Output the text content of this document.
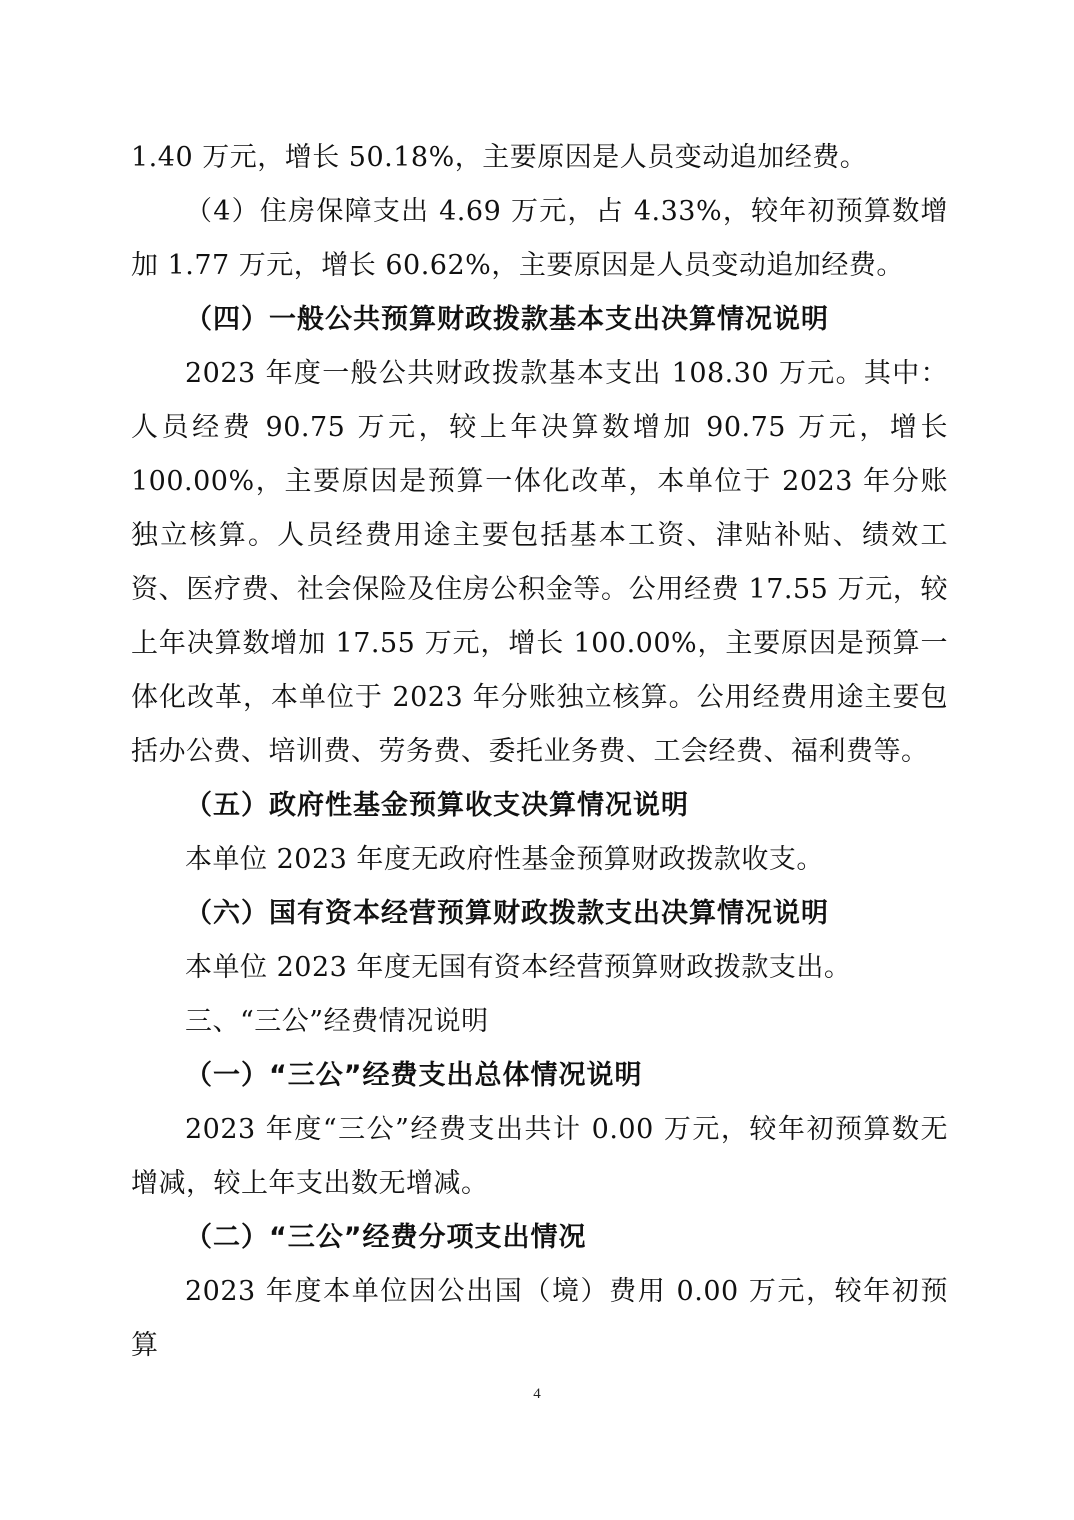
1.40 万元，增长 50.18%，主要原因是人员变动追加经费。

（4）住房保障支出 4.69 万元，占 4.33%，较年初预算数增加 1.77 万元，增长 60.62%，主要原因是人员变动追加经费。

（四）一般公共预算财政拨款基本支出决算情况说明

2023 年度一般公共财政拨款基本支出 108.30 万元。其中：人员经费 90.75 万元，较上年决算数增加 90.75 万元，增长 100.00%，主要原因是预算一体化改革，本单位于 2023 年分账独立核算。人员经费用途主要包括基本工资、津贴补贴、绩效工资、医疗费、社会保险及住房公积金等。公用经费 17.55 万元，较上年决算数增加 17.55 万元，增长 100.00%，主要原因是预算一体化改革，本单位于 2023 年分账独立核算。公用经费用途主要包括办公费、培训费、劳务费、委托业务费、工会经费、福利费等。

（五）政府性基金预算收支决算情况说明

本单位 2023 年度无政府性基金预算财政拨款收支。

（六）国有资本经营预算财政拨款支出决算情况说明

本单位 2023 年度无国有资本经营预算财政拨款支出。

三、“三公”经费情况说明

（一）“三公”经费支出总体情况说明

2023 年度“三公”经费支出共计 0.00 万元，较年初预算数无增减，较上年支出数无增减。

（二）“三公”经费分项支出情况

2023 年度本单位因公出国（境）费用 0.00 万元，较年初预算

4
